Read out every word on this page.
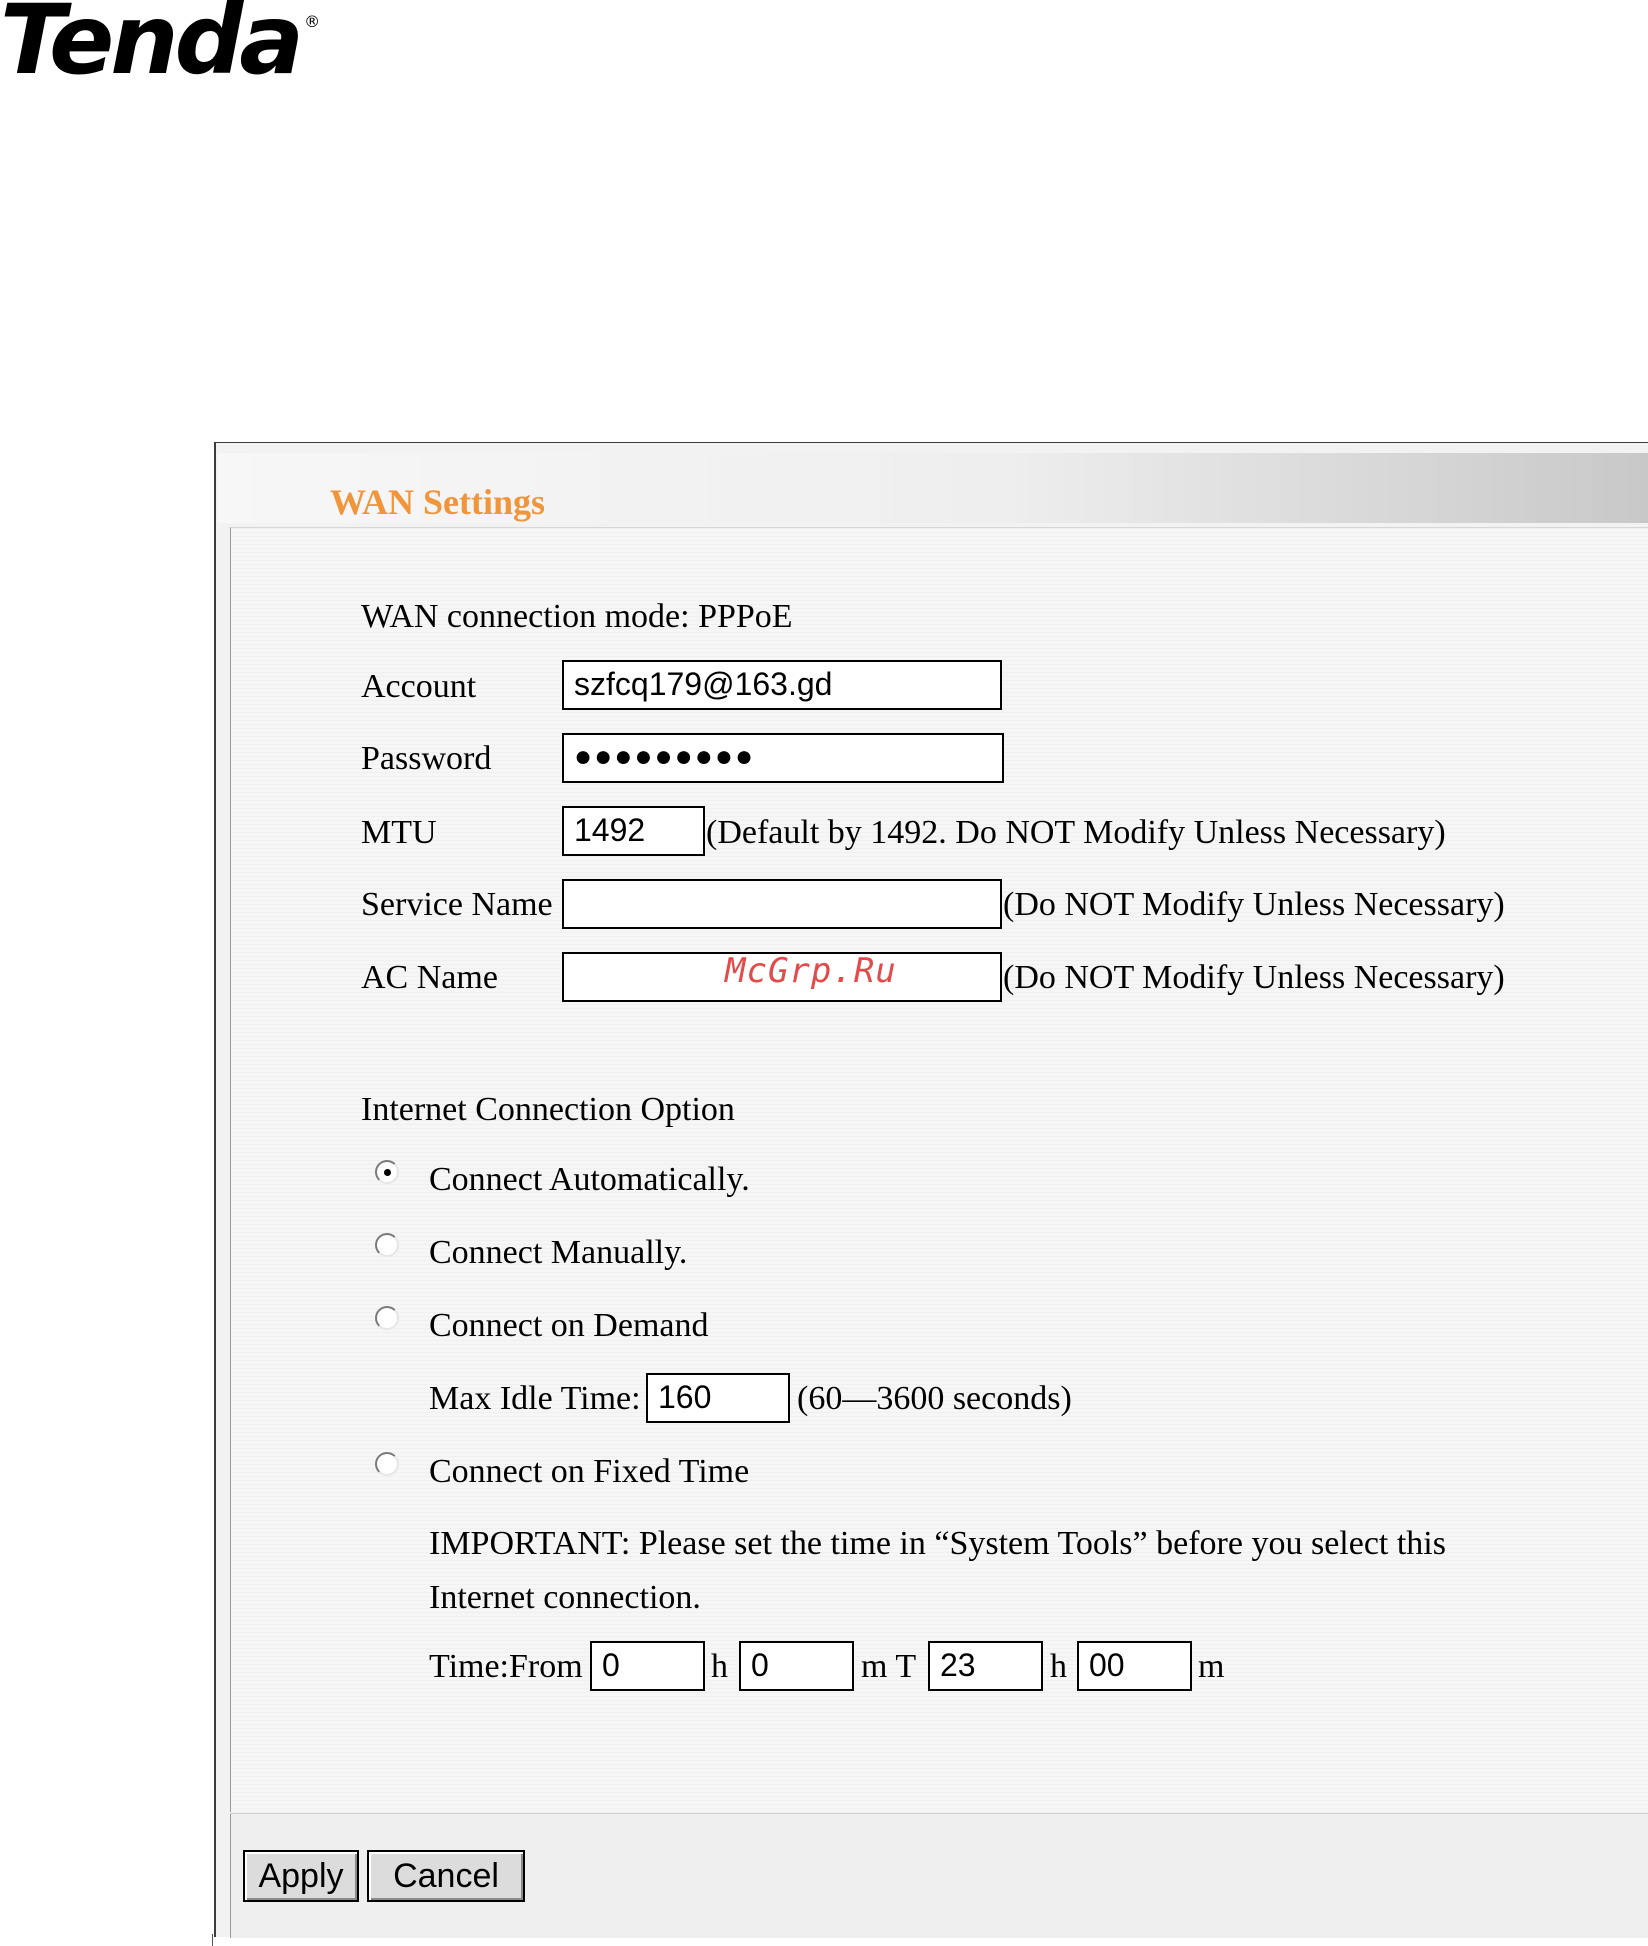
Tenda ®
WAN Settings
WAN connection mode: PPPoE
Account	szfcq179@163.gd
Password	●●●●●●●●●
MTU	1492	(Default by 1492. Do NOT Modify Unless Necessary)
Service Name	(Do NOT Modify Unless Necessary)
AC Name	(Do NOT Modify Unless Necessary)
Internet Connection Option
Connect Automatically.
Connect Manually.
Connect on Demand
Max Idle Time: 160	(60—3600 seconds)
Connect on Fixed Time
IMPORTANT: Please set the time in “System Tools” before you select this
Internet connection.
Time:From 0	h 0	m T 23	h 00	m
Apply	Cancel
McGrp.Ru
